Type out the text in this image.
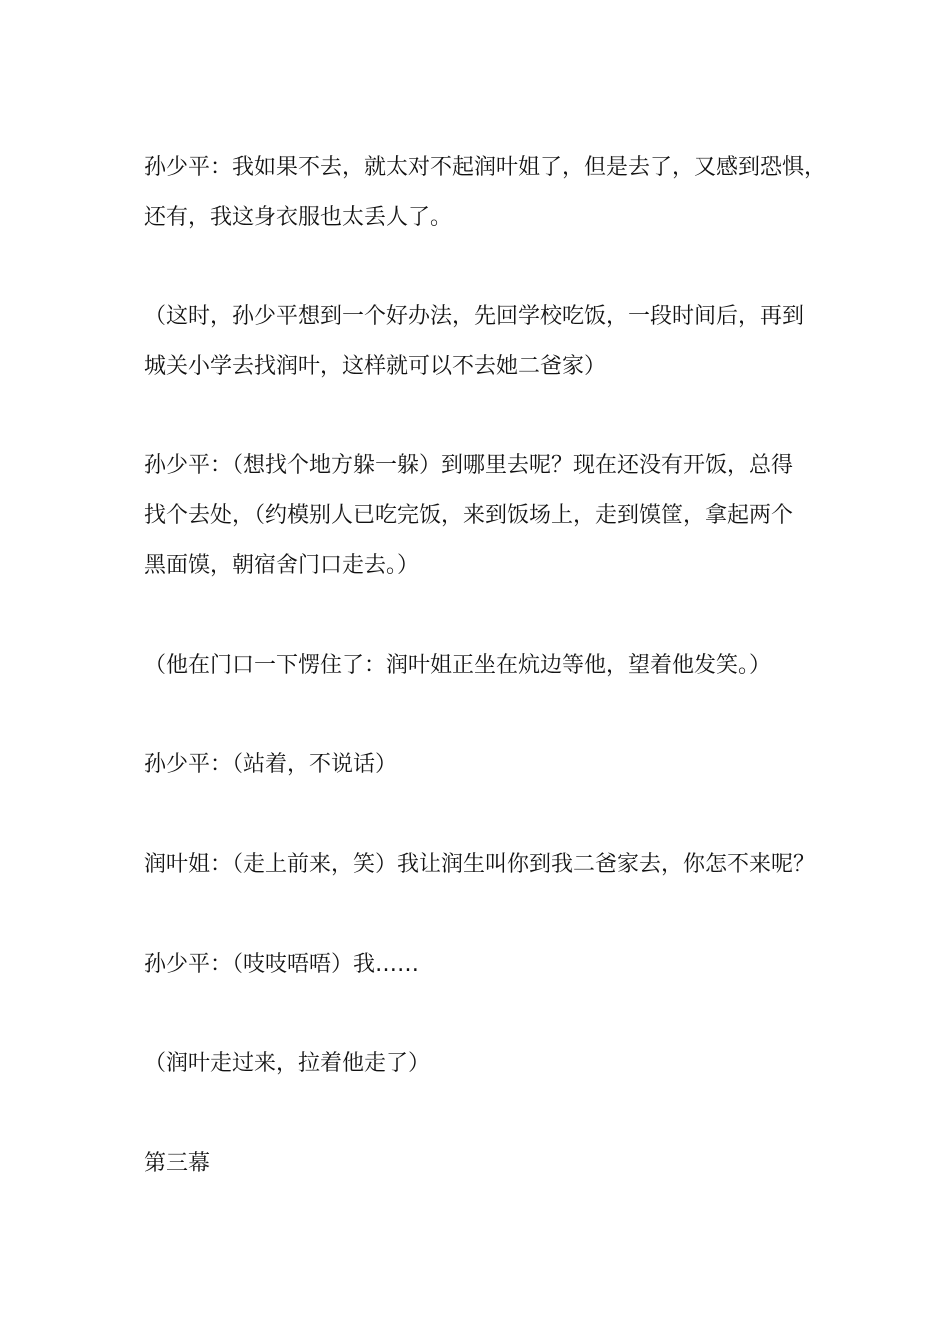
孙少平：我如果不去，就太对不起润叶姐了，但是去了，又感到恐惧，
还有，我这身衣服也太丢人了。

（这时，孙少平想到一个好办法，先回学校吃饭，一段时间后，再到
城关小学去找润叶，这样就可以不去她二爸家）

孙少平：（想找个地方躲一躲）到哪里去呢？现在还没有开饭，总得
找个去处，（约模别人已吃完饭，来到饭场上，走到馍筐，拿起两个
黑面馍，朝宿舍门口走去。）

（他在门口一下愣住了：润叶姐正坐在炕边等他，望着他发笑。）

孙少平：（站着，不说话）

润叶姐：（走上前来，笑）我让润生叫你到我二爸家去，你怎不来呢？

孙少平：（吱吱唔唔）我……

（润叶走过来，拉着他走了）

第三幕
